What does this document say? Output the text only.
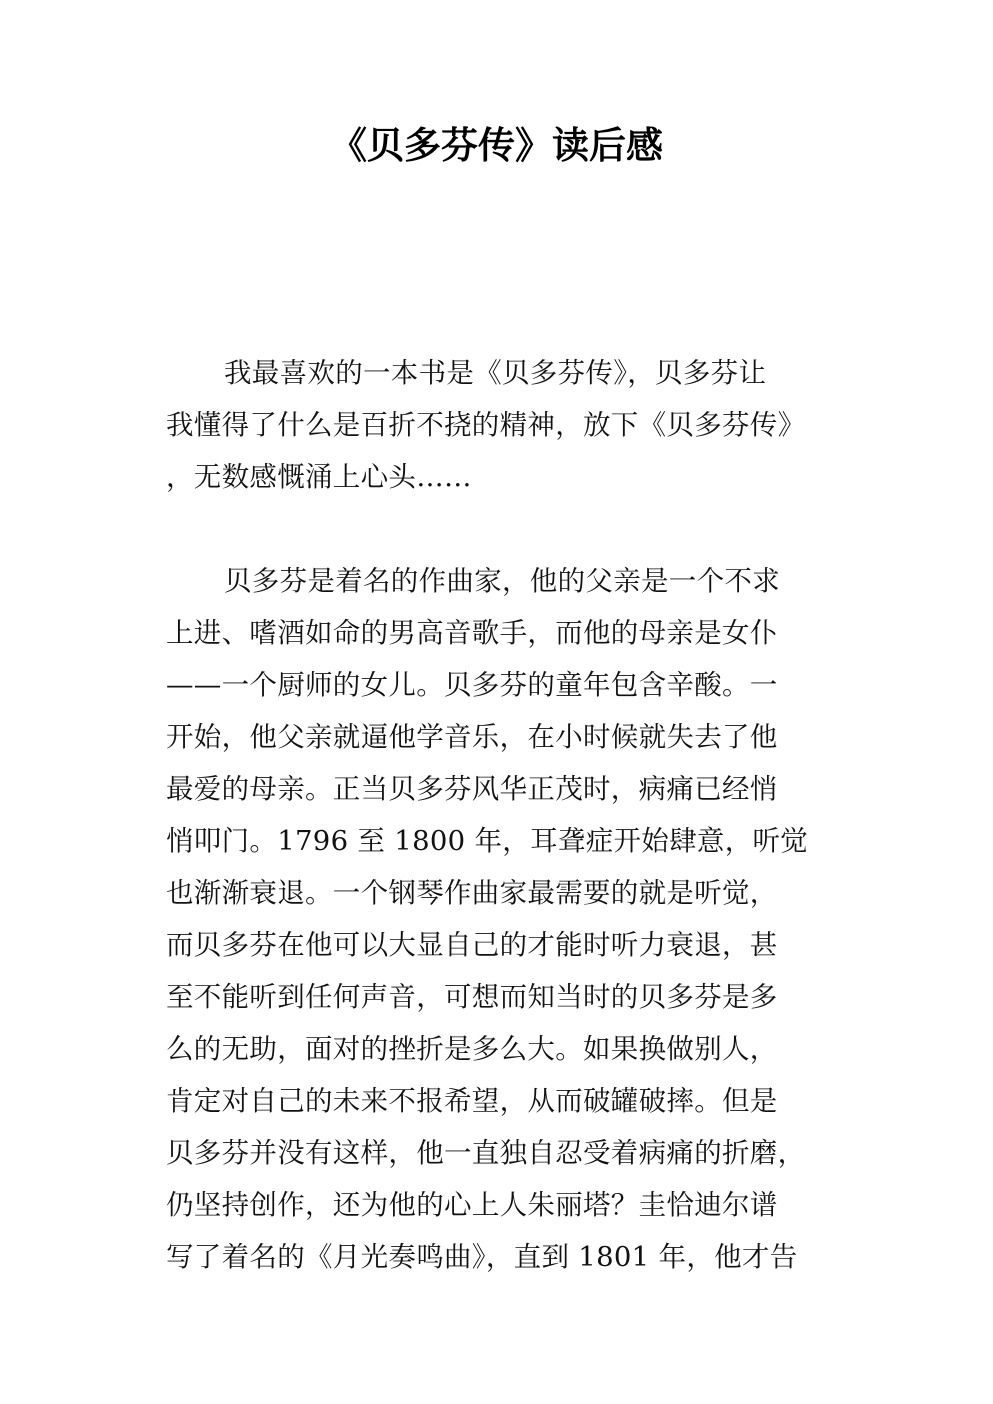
《贝多芬传》读后感
我最喜欢的一本书是《贝多芬传》，贝多芬让
我懂得了什么是百折不挠的精神，放下《贝多芬传》
，无数感慨涌上心头……
贝多芬是着名的作曲家，他的父亲是一个不求
上进、嗜酒如命的男高音歌手，而他的母亲是女仆
——一个厨师的女儿。贝多芬的童年包含辛酸。一
开始，他父亲就逼他学音乐，在小时候就失去了他
最爱的母亲。正当贝多芬风华正茂时，病痛已经悄
悄叩门。1796 至 1800 年，耳聋症开始肆意，听觉
也渐渐衰退。一个钢琴作曲家最需要的就是听觉，
而贝多芬在他可以大显自己的才能时听力衰退，甚
至不能听到任何声音，可想而知当时的贝多芬是多
么的无助，面对的挫折是多么大。如果换做别人，
肯定对自己的未来不报希望，从而破罐破摔。但是
贝多芬并没有这样，他一直独自忍受着病痛的折磨，
仍坚持创作，还为他的心上人朱丽塔？圭恰迪尔谱
写了着名的《月光奏鸣曲》，直到 1801 年，他才告
